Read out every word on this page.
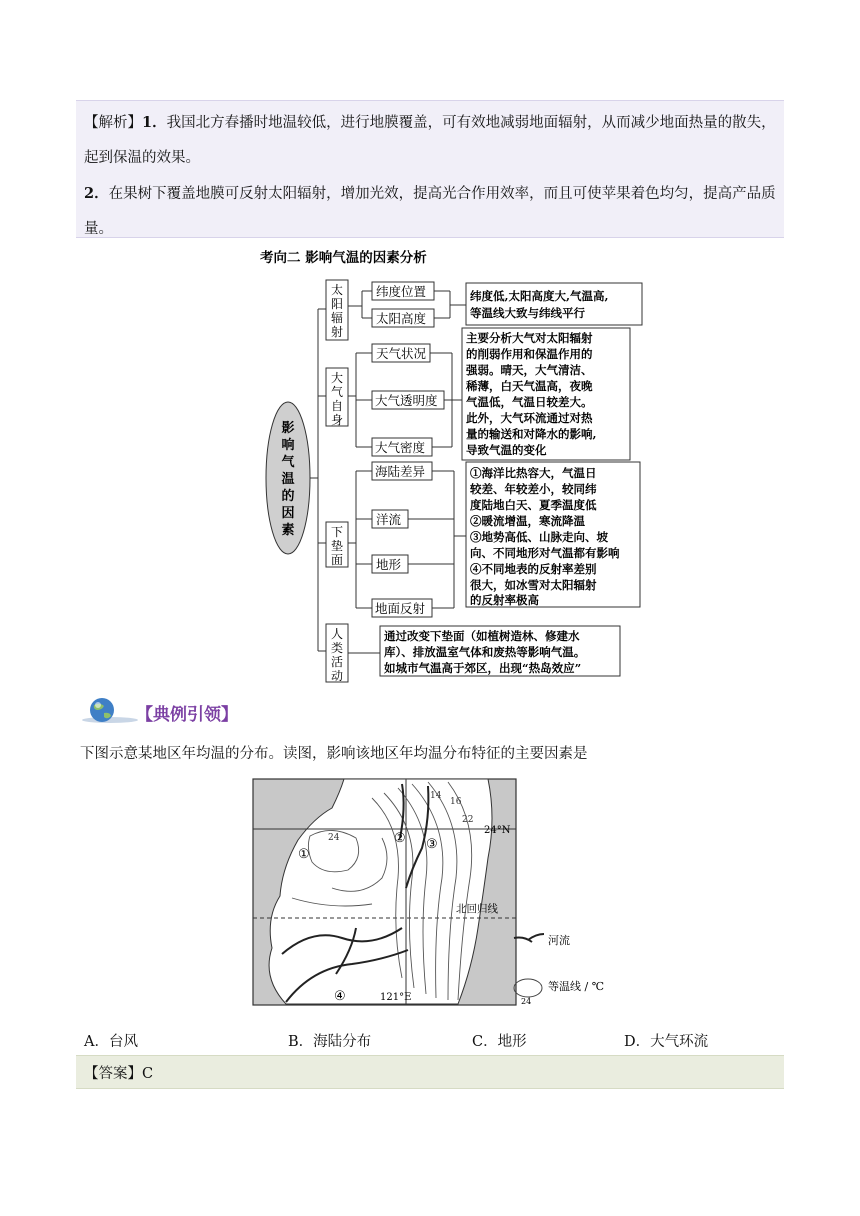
【解析】1．我国北方春播时地温较低，进行地膜覆盖，可有效地减弱地面辐射，从而减少地面热量的散失，起到保温的效果。

2．在果树下覆盖地膜可反射太阳辐射，增加光效，提高光合作用效率，而且可使苹果着色均匀，提高产品质量。

考向二 影响气温的因素分析
影
响
气
温
的
因
素
太
阳
辐
射
大
气
自
身
下
垫
面
人
类
活
动
纬度位置
太阳高度
天气状况
大气透明度
大气密度
海陆差异
洋流
地形
地面反射
纬度低,太阳高度大,气温高,
等温线大致与纬线平行
主要分析大气对太阳辐射
的削弱作用和保温作用的
强弱。晴天，大气清洁、
稀薄，白天气温高，夜晚
气温低，气温日较差大。
此外，大气环流通过对热
量的输送和对降水的影响,
导致气温的变化
①海洋比热容大，气温日
较差、年较差小，较同纬
度陆地白天、夏季温度低
②暖流增温，寒流降温
③地势高低、山脉走向、坡
向、不同地形对气温都有影响
④不同地表的反射率差别
很大，如冰雪对太阳辐射
的反射率极高
通过改变下垫面（如植树造林、修建水
库）、排放温室气体和废热等影响气温。
如城市气温高于郊区，出现“热岛效应”
【典例引领】
下图示意某地区年均温的分布。读图，影响该地区年均温分布特征的主要因素是
24°N
北回归线
121°E
24
14
16
22
①
② ③
④
河流
24
等温线 / ℃
A．台风	B．海陆分布	C．地形	D．大气环流
【答案】C
